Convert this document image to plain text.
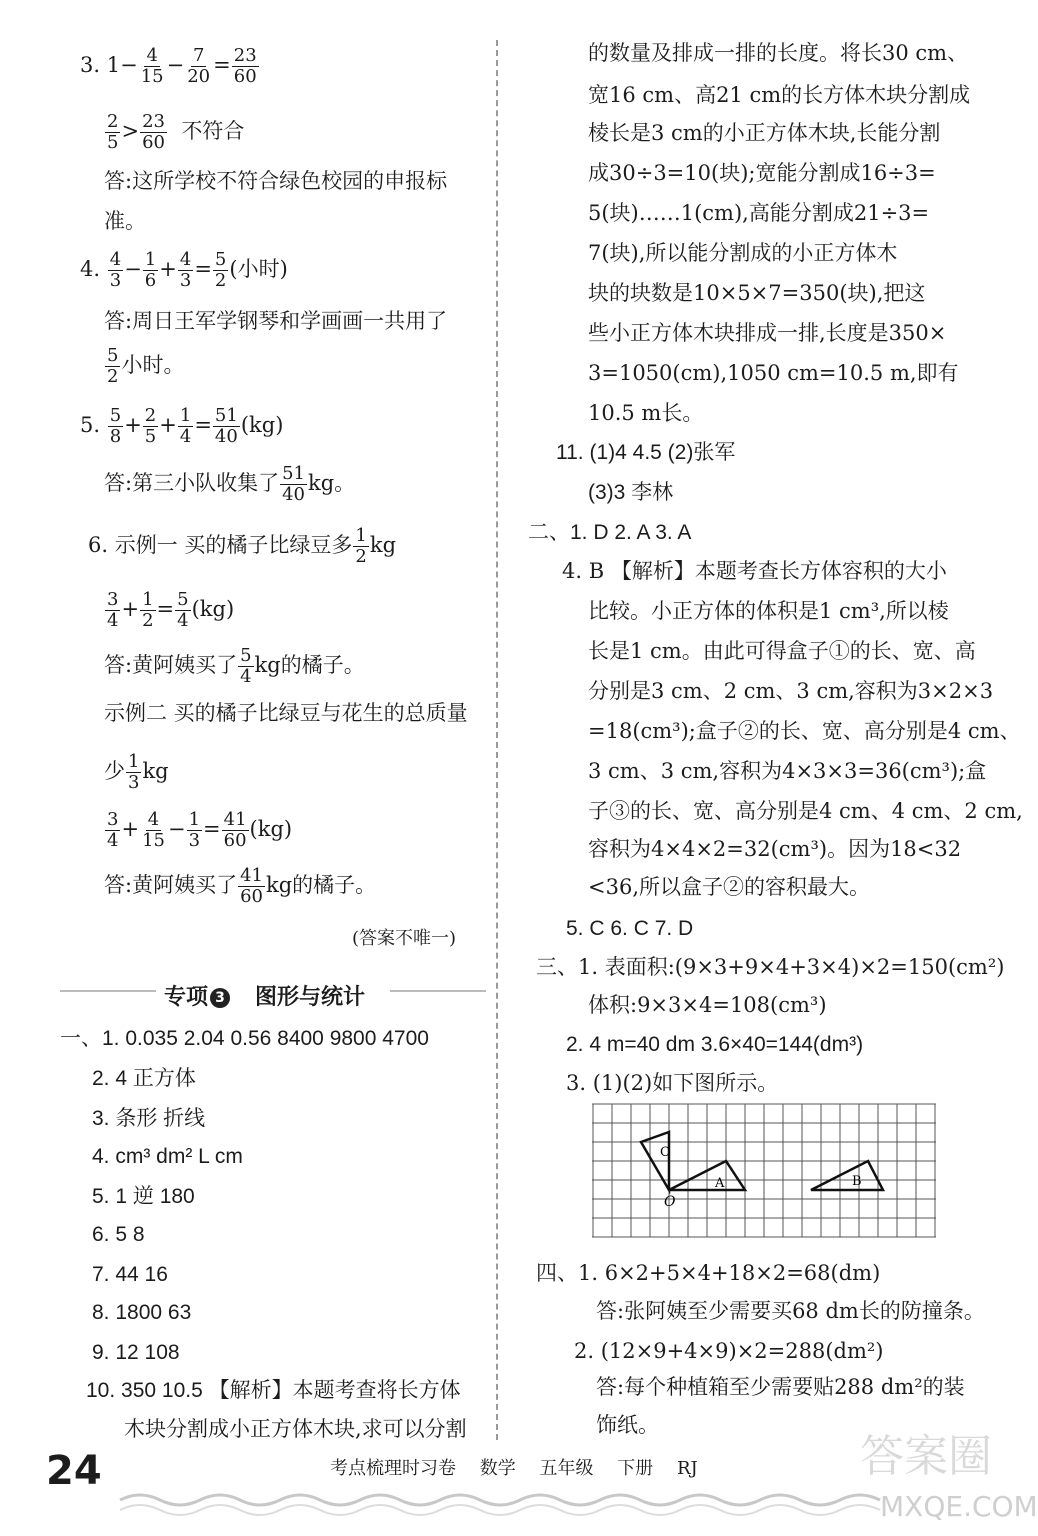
3. $1- \frac{4}{15} - \frac{7}{20} = \frac{23}{60}$
$\frac{2}{5} > \frac{23}{60}$ 不符合
答:这所学校不符合绿色校园的申报标
准。
4. $\frac{4}{3} - \frac{1}{6} + \frac{4}{3} = \frac{5}{2}$ (小时)
答:周日王军学钢琴和学画画一共用了
$\frac{5}{2}$ 小时。
5. $\frac{5}{8} + \frac{2}{5} + \frac{1}{4} = \frac{51}{40} (kg)$
答:第三小队收集了 $\frac{51}{40}$ kg。
6. 示例一 买的橘子比绿豆多 $\frac{1}{2}$ kg
$\frac{3}{4} + \frac{1}{2} = \frac{5}{4} (kg)$
答:黄阿姨买了 $\frac{5}{4}$ kg的橘子。
示例二 买的橘子比绿豆与花生的总质量
少 $\frac{1}{3}$ kg
$\frac{3}{4} + \frac{4}{15} - \frac{1}{3} = \frac{41}{60} (kg)$
答:黄阿姨买了 $\frac{41}{60}$ kg的橘子。
(答案不唯一)
专项 3 图形与统计
一、1. 0.035 2.04 0.56 8400 9800 4700
2. 4 正方体
3. 条形 折线
4. cm³ dm² L cm
5. 1 逆 180
6. 5 8
7. 44 16
8. 1800 63
9. 12 108
10. 350 10.5 【解析】本题考查将长方体
木块分割成小正方体木块,求可以分割
的数量及排成一排的长度。将长30 cm、
宽16 cm、高21 cm的长方体木块分割成
棱长是3 cm的小正方体木块,长能分割
成30÷3=10(块);宽能分割成16÷3=
5(块)……1(cm),高能分割成21÷3=
7(块),所以能分割成的小正方体木
块的块数是10×5×7=350(块),把这
些小正方体木块排成一排,长度是350×
3=1050(cm),1050 cm=10.5 m,即有
10.5 m长。
11. (1)4 4.5 (2)张军
(3)3 李林
二、1. D 2. A 3. A
4. B 【解析】本题考查长方体容积的大小
比较。小正方体的体积是1 cm³,所以棱
长是1 cm。由此可得盒子①的长、宽、高
分别是3 cm、2 cm、3 cm,容积为3×2×3
=18(cm³);盒子②的长、宽、高分别是4 cm、
3 cm、3 cm,容积为4×3×3=36(cm³);盒
子③的长、宽、高分别是4 cm、4 cm、2 cm,
容积为4×4×2=32(cm³)。因为18<32
<36,所以盒子②的容积最大。
5. C 6. C 7. D
三、1. 表面积:(9×3+9×4+3×4)×2=150(cm²)
体积:9×3×4=108(cm³)
2. 4 m=40 dm 3.6×40=144(dm³)
3. (1)(2)如下图所示。
C
O
A	B
四、1. 6×2+5×4+18×2=68(dm)
答:张阿姨至少需要买68 dm长的防撞条。
2. (12×9+4×9)×2=288(dm²)
答:每个种植箱至少需要贴288 dm²的装
饰纸。
24	考点梳理时习卷 数学 五年级 下册 RJ	答案圈
MXQE.COM
